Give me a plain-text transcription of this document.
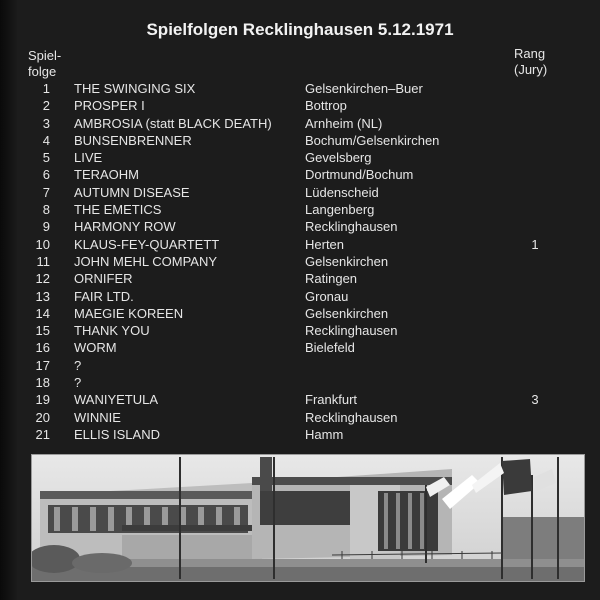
Spielfolgen Recklinghausen 5.12.1971
Spiel-
folge
Rang
(Jury)
1 THE SWINGING SIX	Gelsenkirchen–Buer
2 PROSPER I	Bottrop
3 AMBROSIA (statt BLACK DEATH)	Arnheim (NL)
4 BUNSENBRENNER	Bochum/Gelsenkirchen
5 LIVE	Gevelsberg
6 TERAOHM	Dortmund/Bochum
7 AUTUMN DISEASE	Lüdenscheid
8 THE EMETICS	Langenberg
9 HARMONY ROW	Recklinghausen
10 KLAUS-FEY-QUARTETT	Herten	1
11 JOHN MEHL COMPANY	Gelsenkirchen
12 ORNIFER	Ratingen
13 FAIR LTD.	Gronau
14 MAEGIE KOREEN	Gelsenkirchen
15 THANK YOU	Recklinghausen
16 WORM	Bielefeld
17 ?
18 ?
19 WANIYETULA	Frankfurt	3
20 WINNIE	Recklinghausen
21 ELLIS ISLAND	Hamm
